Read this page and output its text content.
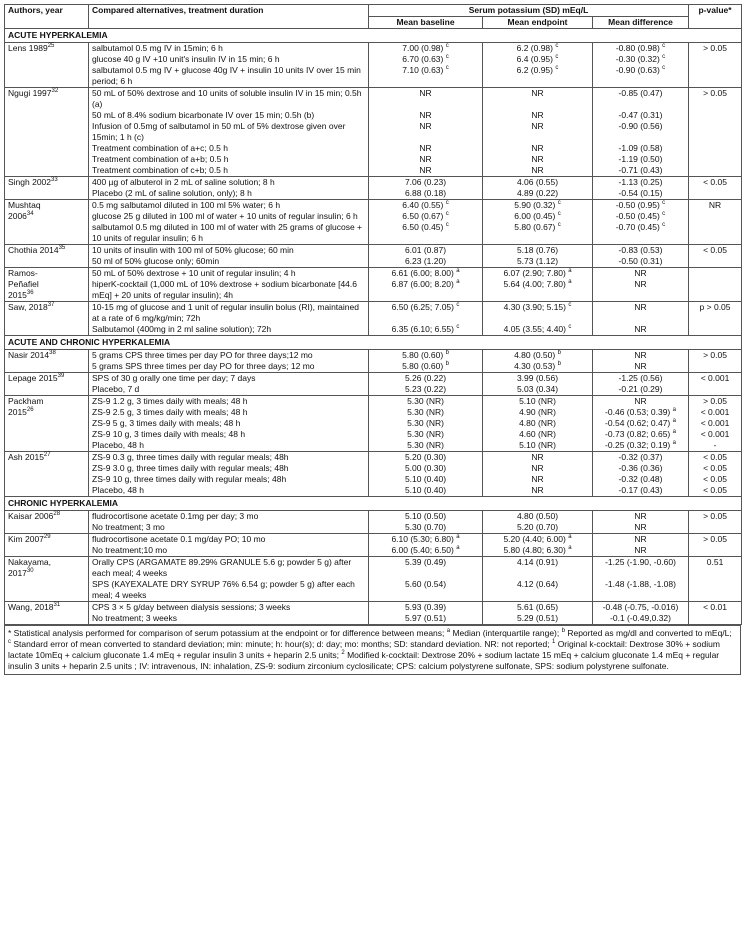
Authors, year	Compared alternatives, treatment duration	Serum potassium (SD) mEq/L			p-value*
		Mean baseline	Mean endpoint	Mean difference	
ACUTE HYPERKALEMIA					
Lens 1989$^{25}$	salbutamol 0.5 mg IV in 15min; 6 h	7.00 (0.98) $^c$	6.2 (0.98) $^c$	-0.80 (0.98) $^c$	> 0.05
	glucose 40 g IV +10 unit's insulin IV in 15 min; 6 h	6.70 (0.63) $^c$	6.4 (0.95) $^c$	-0.30 (0.32) $^c$
	salbutamol 0.5 mg IV + glucose 40g IV + insulin 10 units IV over 15 min period; 6 h	7.10 (0.63) $^c$	6.2 (0.95) $^c$	-0.90 (0.63) $^c$
Ngugi 1997$^{32}$	50 mL of 50% dextrose and 10 units of soluble insulin IV in 15 min; 0.5h (a)	NR	NR	-0.85 (0.47)	> 0.05
	50 mL of 8.4% sodium bicarbonate IV over 15 min; 0.5h (b)	NR	NR	-0.47 (0.31)	
	Infusion of 0.5mg of salbutamol in 50 mL of 5% dextrose given over 15min; 1 h (c)	NR	NR	-0.90 (0.56)	
	Treatment combination of a+c; 0.5 h	NR	NR	-1.09 (0.58)	
	Treatment combination of a+b; 0.5 h	NR	NR	-1.19 (0.50)	
	Treatment combination of c+b; 0.5 h	NR	NR	-0.71 (0.43)	
Singh 2002$^{33}$	400 µg of albuterol in 2 mL of saline solution; 8 h	7.06 (0.23)	4.06 (0.55)	-1.13 (0.25)	< 0.05
	Placebo (2 mL of saline solution, only); 8 h	6.88 (0.18)	4.89 (0.22)	-0.54 (0.15)	
Mushtaq
2006$^{34}$	0.5 mg salbutamol diluted in 100 ml 5% water; 6 h	6.40 (0.55) $^c$	5.90 (0.32) $^c$	-0.50 (0.95) $^c$	NR
	glucose 25 g diluted in 100 ml of water + 10 units of regular insulin; 6 h	6.50 (0.67) $^c$	6.00 (0.45) $^c$	-0.50 (0.45) $^c$
	salbutamol 0.5 mg diluted in 100 ml of water with 25 grams of glucose + 10 units of regular insulin; 6 h	6.50 (0.45) $^c$	5.80 (0.67) $^c$	-0.70 (0.45) $^c$
Chothia 2014$^{35}$	10 units of insulin with 100 ml of 50% glucose; 60 min	6.01 (0.87)	5.18 (0.76)	-0.83 (0.53)	< 0.05
	50 ml of 50% glucose only; 60min	6.23 (1.20)	5.73 (1.12)	-0.50 (0.31)	
Ramos-
Peñafiel
2015$^{36}$	50 mL of 50% dextrose + 10 unit of regular insulin; 4 h	6.61 (6.00; 8.00) $^a$	6.07 (2.90; 7.80) $^a$	NR	
	hiperK-cocktail (1,000 mL of 10% dextrose + sodium bicarbonate [44.6 mEq] + 20 units of regular insulin); 4h	6.87 (6.00; 8.20) $^a$	5.64 (4.00; 7.80) $^a$	NR	
Saw, 2018$^{37}$	10-15 mg of glucose and 1 unit of regular insulin bolus (RI), maintained at a rate of 6 mg/kg/min; 72h	6.50 (6.25; 7.05) $^c$	4.30 (3.90; 5.15) $^c$	NR	p > 0.05
	Salbutamol (400mg in 2 ml saline solution); 72h	6.35 (6.10; 6.55) $^c$	4.05 (3.55; 4.40) $^c$	NR	
ACUTE AND CHRONIC HYPERKALEMIA					
Nasir 2014$^{38}$	5 grams CPS three times per day PO for three days;12 mo	5.80 (0.60) $^b$	4.80 (0.50) $^b$	NR	> 0.05
	5 grams SPS three times per day PO for three days; 12 mo	5.80 (0.60) $^b$	4.30 (0.53) $^b$	NR	
Lepage 2015$^{39}$	SPS of 30 g orally one time per day; 7 days	5.26 (0.22)	3.99 (0.56)	-1.25 (0.56)	< 0.001
	Placebo, 7 d	5.23 (0.22)	5.03 (0.34)	-0.21 (0.29)	
Packham
2015$^{26}$	ZS-9 1.2 g, 3 times daily with meals; 48 h	5.30 (NR)	5.10 (NR)	NR	> 0.05
	ZS-9 2.5 g, 3 times daily with meals; 48 h	5.30 (NR)	4.90 (NR)	-0.46 (0.53; 0.39) $^a$	< 0.001
	ZS-9 5 g, 3 times daily with meals; 48 h	5.30 (NR)	4.80 (NR)	-0.54 (0.62; 0.47) $^a$	< 0.001
	ZS-9 10 g, 3 times daily with meals; 48 h	5.30 (NR)	4.60 (NR)	-0.73 (0.82; 0.65) $^a$	< 0.001
	Placebo, 48 h	5.30 (NR)	5.10 (NR)	-0.25 (0.32; 0.19) $^a$	-
Ash 2015$^{27}$	ZS-9 0.3 g, three times daily with regular meals; 48h	5.20 (0.30)	NR	-0.32 (0.37)	< 0.05
	ZS-9 3.0 g, three times daily with regular meals; 48h	5.00 (0.30)	NR	-0.36 (0.36)	< 0.05
	ZS-9 10 g, three times daily with regular meals; 48h	5.10 (0.40)	NR	-0.32 (0.48)	< 0.05
	Placebo, 48 h	5.10 (0.40)	NR	-0.17 (0.43)	< 0.05
CHRONIC HYPERKALEMIA					
Kaisar 2006$^{28}$	fludrocortisone acetate 0.1mg per day; 3 mo	5.10 (0.50)	4.80 (0.50)	NR	> 0.05
	No treatment; 3 mo	5.30 (0.70)	5.20 (0.70)	NR	
Kim 2007$^{29}$	fludrocortisone acetate 0.1 mg/day PO; 10 mo	6.10 (5.30; 6.80) $^a$	5.20 (4.40; 6.00) $^a$	NR	> 0.05
	No treatment;10 mo	6.00 (5.40; 6.50) $^a$	5.80 (4.80; 6.30) $^a$	NR	
Nakayama,
2017$^{30}$	Orally CPS (ARGAMATE 89.29% GRANULE 5.6 g; powder 5 g) after each meal; 4 weeks	5.39 (0.49)	4.14 (0.91)	-1.25 (-1.90, -0.60)	0.51
	SPS (KAYEXALATE DRY SYRUP 76% 6.54 g; powder 5 g) after each meal; 4 weeks	5.60 (0.54)	4.12 (0.64)	-1.48 (-1.88, -1.08)	
Wang, 2018$^{31}$	CPS 3 × 5 g/day between dialysis sessions; 3 weeks	5.93 (0.39)	5.61 (0.65)	-0.48 (-0.75, -0.016)	< 0.01
	No treatment; 3 weeks	5.97 (0.51)	5.29 (0.51)	-0.1 (-0.49,0.32)	
* Statistical analysis performed for comparison of serum potassium at the endpoint or for difference between means; $^a$ Median (interquartile range); $^b$ Reported as mg/dl and converted to mEq/L; $^c$ Standard error of mean converted to standard deviation; min: minute; h: hour(s); d: day; mo: months; SD: standard deviation. NR: not reported; $^1$ Original k-cocktail: Dextrose 30% + sodium lactate 10mEq + calcium gluconate 1.4 mEq + regular insulin 3 units + heparin 2.5 units; $^2$ Modified k-cocktail: Dextrose 20% + sodium lactate 15 mEq + calcium gluconate 1.4 mEq + regular insulin 3 units + heparin 2.5 units ; IV: intravenous, IN: inhalation, ZS-9: sodium zirconium cyclosilicate; CPS: calcium polystyrene sulfonate, SPS: sodium polystyrene sulfonate.
